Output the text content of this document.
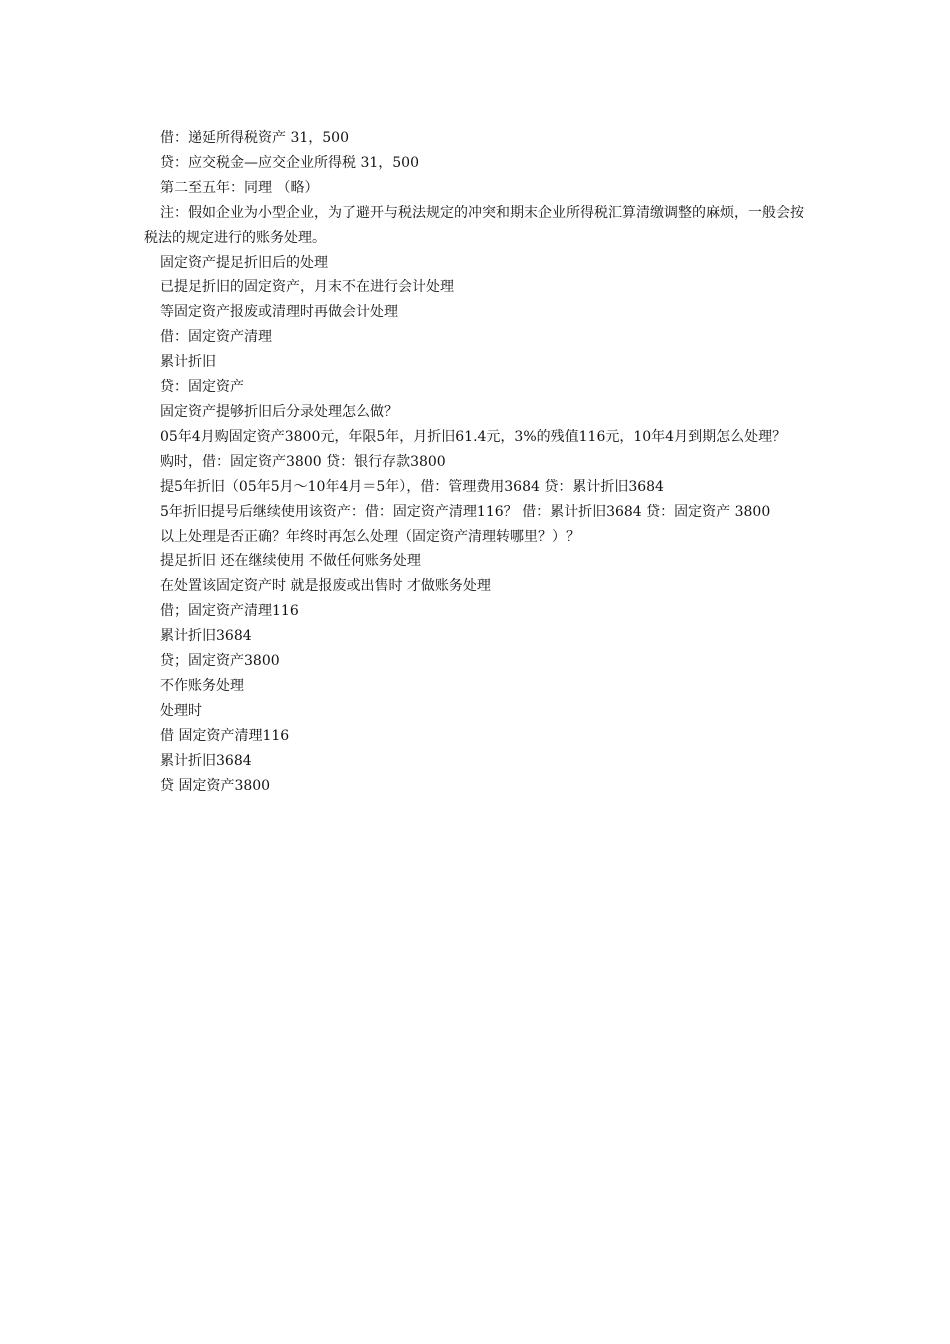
借：递延所得税资产 31，500

贷：应交税金—应交企业所得税 31，500

第二至五年：同理 （略）

注：假如企业为小型企业，为了避开与税法规定的冲突和期末企业所得税汇算清缴调整的麻烦，一般会按税法的规定进行的账务处理。

固定资产提足折旧后的处理

已提足折旧的固定资产，月末不在进行会计处理

等固定资产报废或清理时再做会计处理

借：固定资产清理

累计折旧

贷：固定资产

固定资产提够折旧后分录处理怎么做？

05年4月购固定资产3800元，年限5年，月折旧61.4元，3%的残值116元，10年4月到期怎么处理？

购时，借：固定资产3800 贷：银行存款3800

提5年折旧（05年5月～10年4月＝5年），借：管理费用3684 贷：累计折旧3684

5年折旧提号后继续使用该资产：借：固定资产清理116？ 借：累计折旧3684 贷：固定资产 3800

以上处理是否正确？年终时再怎么处理（固定资产清理转哪里？）？

提足折旧 还在继续使用 不做任何账务处理

在处置该固定资产时 就是报废或出售时 才做账务处理

借；固定资产清理116

累计折旧3684

贷；固定资产3800

不作账务处理

处理时

借 固定资产清理116

累计折旧3684

贷 固定资产3800
